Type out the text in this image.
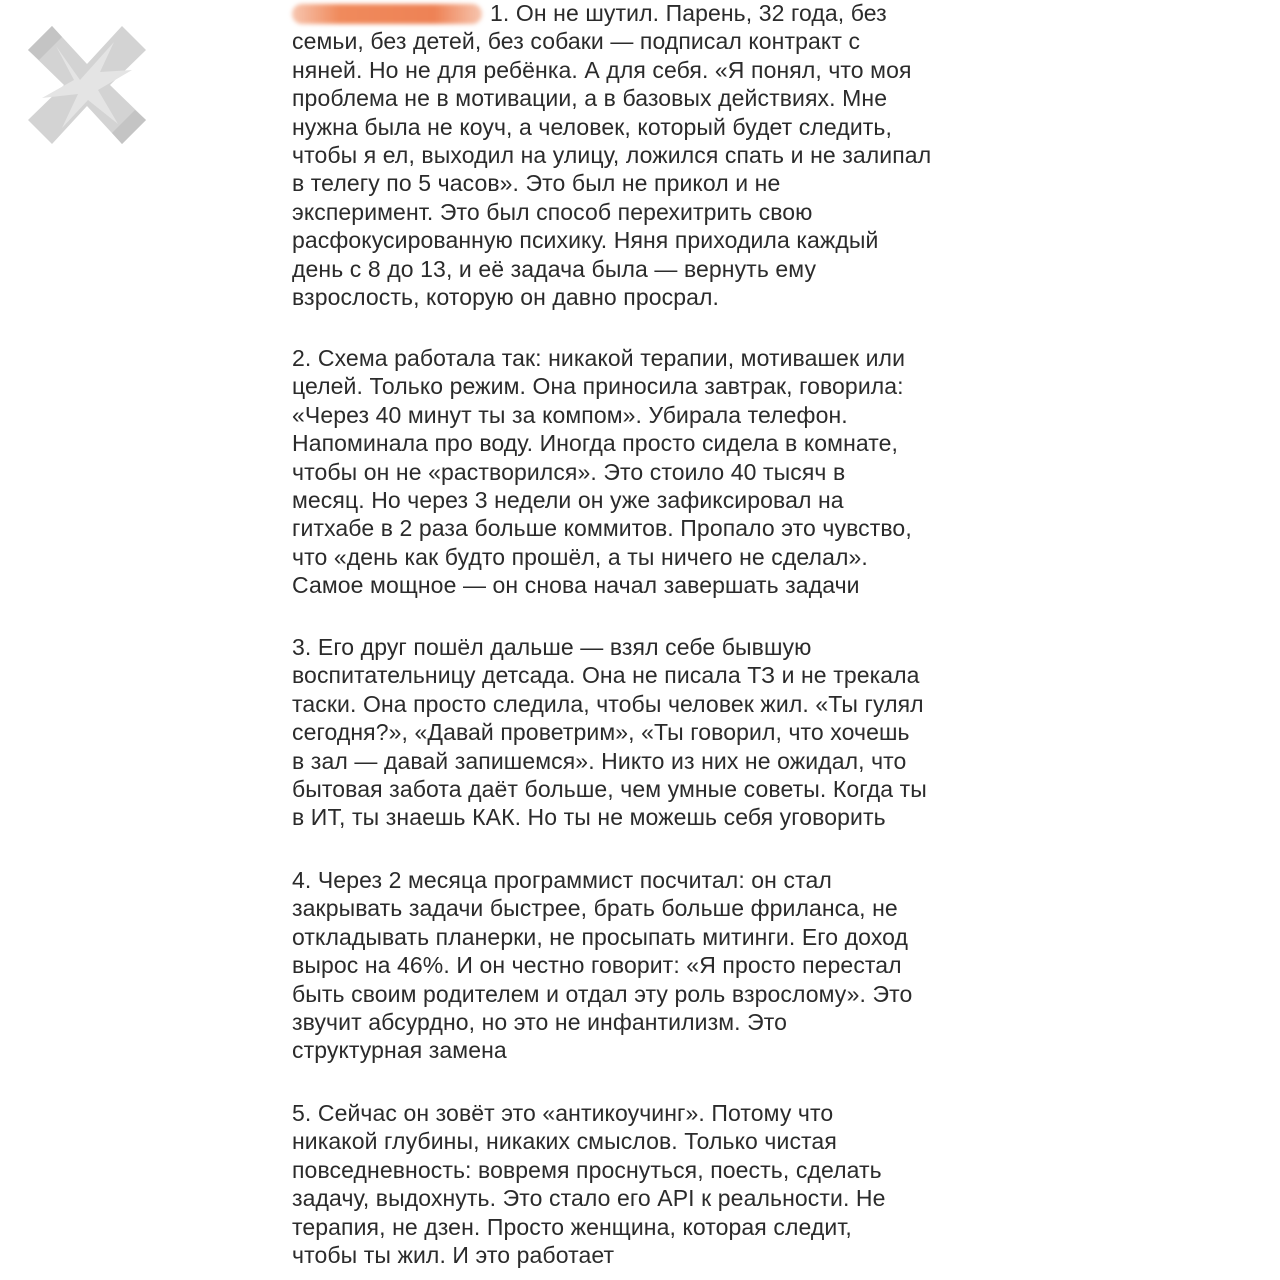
1. Он не шутил. Парень, 32 года, без
семьи, без детей, без собаки — подписал контракт с
няней. Но не для ребёнка. А для себя. «Я понял, что моя
проблема не в мотивации, а в базовых действиях. Мне
нужна была не коуч, а человек, который будет следить,
чтобы я ел, выходил на улицу, ложился спать и не залипал
в телегу по 5 часов». Это был не прикол и не
эксперимент. Это был способ перехитрить свою
расфокусированную психику. Няня приходила каждый
день с 8 до 13, и её задача была — вернуть ему
взрослость, которую он давно просрал.
2. Схема работала так: никакой терапии, мотивашек или
целей. Только режим. Она приносила завтрак, говорила:
«Через 40 минут ты за компом». Убирала телефон.
Напоминала про воду. Иногда просто сидела в комнате,
чтобы он не «растворился». Это стоило 40 тысяч в
месяц. Но через 3 недели он уже зафиксировал на
гитхабе в 2 раза больше коммитов. Пропало это чувство,
что «день как будто прошёл, а ты ничего не сделал».
Самое мощное — он снова начал завершать задачи
3. Его друг пошёл дальше — взял себе бывшую
воспитательницу детсада. Она не писала ТЗ и не трекала
таски. Она просто следила, чтобы человек жил. «Ты гулял
сегодня?», «Давай проветрим», «Ты говорил, что хочешь
в зал — давай запишемся». Никто из них не ожидал, что
бытовая забота даёт больше, чем умные советы. Когда ты
в ИТ, ты знаешь КАК. Но ты не можешь себя уговорить
4. Через 2 месяца программист посчитал: он стал
закрывать задачи быстрее, брать больше фриланса, не
откладывать планерки, не просыпать митинги. Его доход
вырос на 46%. И он честно говорит: «Я просто перестал
быть своим родителем и отдал эту роль взрослому». Это
звучит абсурдно, но это не инфантилизм. Это
структурная замена
5. Сейчас он зовёт это «антикоучинг». Потому что
никакой глубины, никаких смыслов. Только чистая
повседневность: вовремя проснуться, поесть, сделать
задачу, выдохнуть. Это стало его API к реальности. Не
терапия, не дзен. Просто женщина, которая следит,
чтобы ты жил. И это работает
